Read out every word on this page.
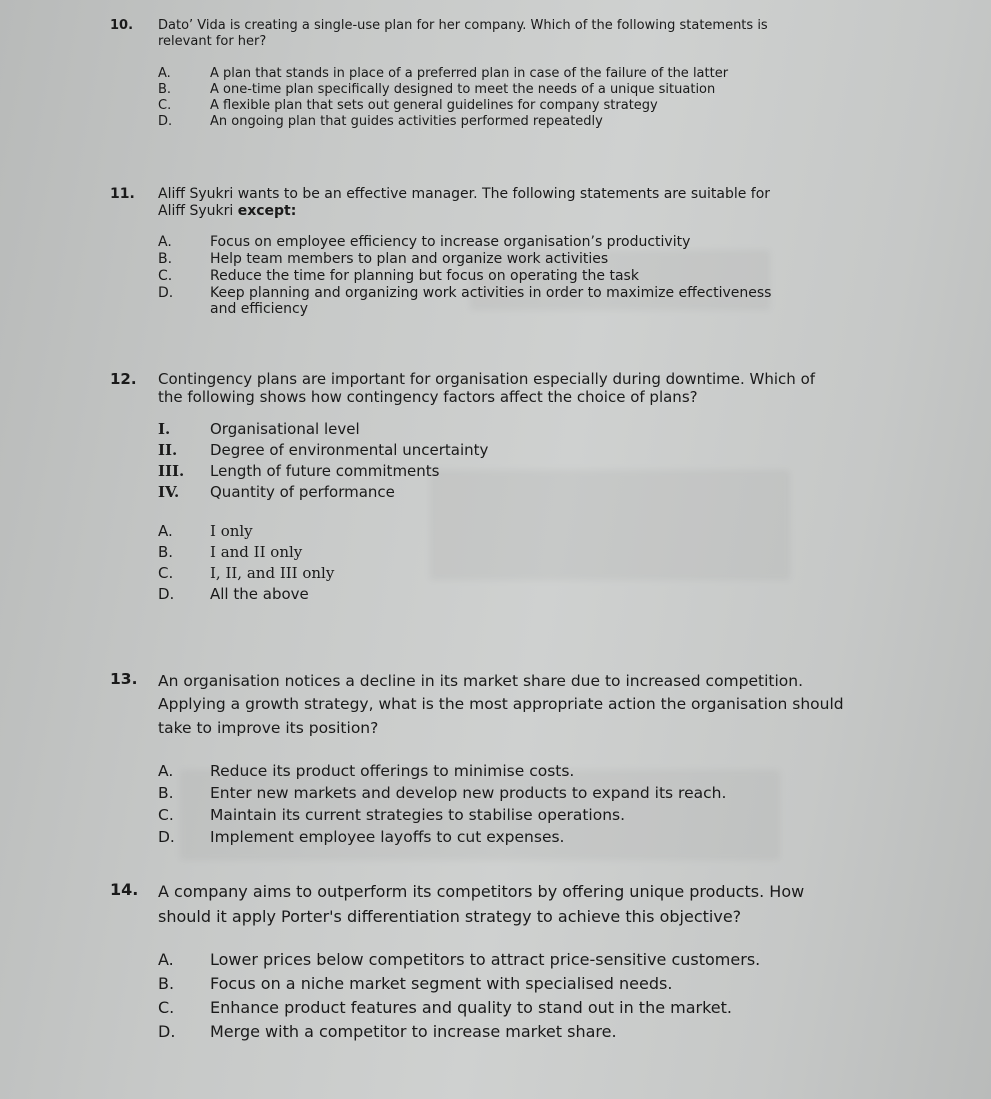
10.	Dato’ Vida is creating a single-use plan for her company. Which of the following statements is relevant for her?
A.	A plan that stands in place of a preferred plan in case of the failure of the latter
B.	A one-time plan specifically designed to meet the needs of a unique situation
C.	A flexible plan that sets out general guidelines for company strategy
D.	An ongoing plan that guides activities performed repeatedly
11.	Aliff Syukri wants to be an effective manager. The following statements are suitable for Aliff Syukri except:
A.	Focus on employee efficiency to increase organisation’s productivity
B.	Help team members to plan and organize work activities
C.	Reduce the time for planning but focus on operating the task
D.	Keep planning and organizing work activities in order to maximize effectiveness and efficiency
12.	Contingency plans are important for organisation especially during downtime. Which of the following shows how contingency factors affect the choice of plans?
I.	Organisational level
II.	Degree of environmental uncertainty
III.	Length of future commitments
IV.	Quantity of performance
A.	I only
B.	I and II only
C.	I, II, and III only
D.	All the above
13.	An organisation notices a decline in its market share due to increased competition. Applying a growth strategy, what is the most appropriate action the organisation should take to improve its position?
A.	Reduce its product offerings to minimise costs.
B.	Enter new markets and develop new products to expand its reach.
C.	Maintain its current strategies to stabilise operations.
D.	Implement employee layoffs to cut expenses.
14.	A company aims to outperform its competitors by offering unique products. How should it apply Porter's differentiation strategy to achieve this objective?
A.	Lower prices below competitors to attract price-sensitive customers.
B.	Focus on a niche market segment with specialised needs.
C.	Enhance product features and quality to stand out in the market.
D.	Merge with a competitor to increase market share.
